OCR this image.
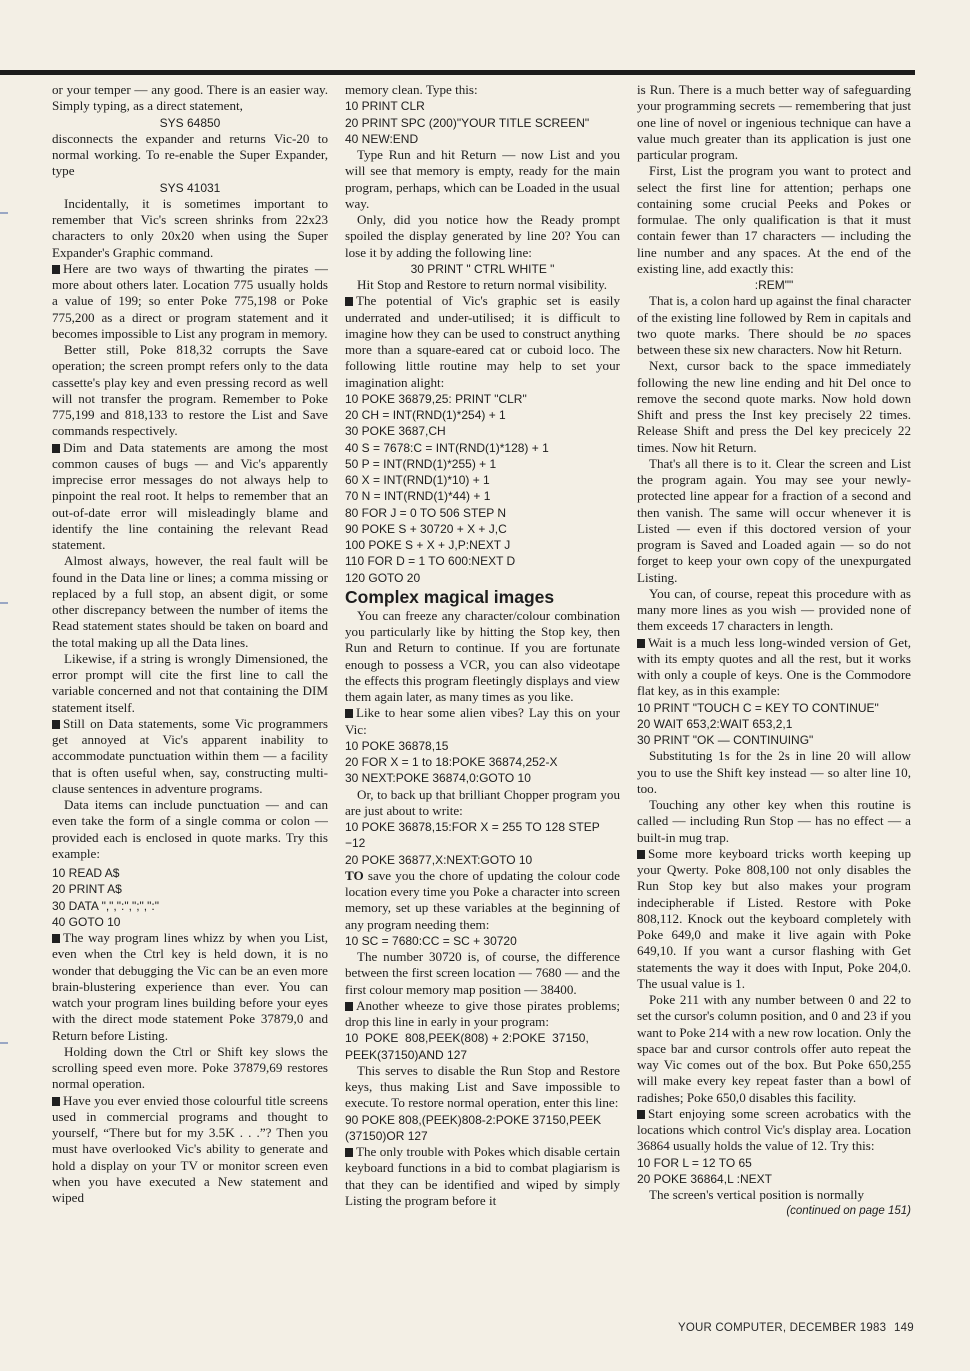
or your temper — any good. There is an easier way. Simply typing, as a direct statement,

SYS 64850

disconnects the expander and returns Vic-20 to normal working. To re-enable the Super Expander, type

SYS 41031

Incidentally, it is sometimes important to remember that Vic's screen shrinks from 22x23 characters to only 20x20 when using the Super Expander's Graphic command.

Here are two ways of thwarting the pirates — more about others later. Location 775 usually holds a value of 199; so enter Poke 775,198 or Poke 775,200 as a direct or program statement and it becomes impossible to List any program in memory.

Better still, Poke 818,32 corrupts the Save operation; the screen prompt refers only to the data cassette's play key and even pressing record as well will not transfer the program. Remember to Poke 775,199 and 818,133 to restore the List and Save commands respectively.

Dim and Data statements are among the most common causes of bugs — and Vic's apparently imprecise error messages do not always help to pinpoint the real root. It helps to remember that an out-of-date error will misleadingly blame and identify the line containing the relevant Read statement.

Almost always, however, the real fault will be found in the Data line or lines; a comma missing or replaced by a full stop, an absent digit, or some other discrepancy between the number of items the Read statement states should be taken on board and the total making up all the Data lines.

Likewise, if a string is wrongly Dimensioned, the error prompt will cite the first line to call the variable concerned and not that containing the DIM statement itself.

Still on Data statements, some Vic programmers get annoyed at Vic's apparent inability to accommodate punctuation within them — a facility that is often useful when, say, constructing multi-clause sentences in adventure programs.

Data items can include punctuation — and can even take the form of a single comma or colon — provided each is enclosed in quote marks. Try this example:

10 READ A$

20 PRINT A$

30 DATA ",",":",";",":"

40 GOTO 10

The way program lines whizz by when you List, even when the Ctrl key is held down, it is no wonder that debugging the Vic can be an even more brain-blustering experience than ever. You can watch your program lines building before your eyes with the direct mode statement Poke 37879,0 and Return before Listing.

Holding down the Ctrl or Shift key slows the scrolling speed even more. Poke 37879,69 restores normal operation.

Have you ever envied those colourful title screens used in commercial programs and thought to yourself, “There but for my 3.5K . . .”? Then you must have overlooked Vic's ability to generate and hold a display on your TV or monitor screen even when you have executed a New statement and wiped

memory clean. Type this:

10 PRINT CLR

20 PRINT SPC (200)"YOUR TITLE SCREEN"

40 NEW:END

Type Run and hit Return — now List and you will see that memory is empty, ready for the main program, perhaps, which can be Loaded in the usual way.

Only, did you notice how the Ready prompt spoiled the display generated by line 20? You can lose it by adding the following line:

30 PRINT " CTRL WHITE "

Hit Stop and Restore to return normal visibility.

The potential of Vic's graphic set is easily underrated and under-utilised; it is difficult to imagine how they can be used to construct anything more than a square-eared cat or cuboid loco. The following little routine may help to set your imagination alight:

10 POKE 36879,25: PRINT "CLR"

20 CH = INT(RND(1)*254) + 1

30 POKE 3687,CH

40 S = 7678:C = INT(RND(1)*128) + 1

50 P = INT(RND(1)*255) + 1

60 X = INT(RND(1)*10) + 1

70 N = INT(RND(1)*44) + 1

80 FOR J = 0 TO 506 STEP N

90 POKE S + 30720 + X + J,C

100 POKE S + X + J,P:NEXT J

110 FOR D = 1 TO 600:NEXT D

120 GOTO 20

Complex magical images

You can freeze any character/colour combination you particularly like by hitting the Stop key, then Run and Return to continue. If you are fortunate enough to possess a VCR, you can also videotape the effects this program fleetingly displays and view them again later, as many times as you like.

Like to hear some alien vibes? Lay this on your Vic:

10 POKE 36878,15

20 FOR X = 1 to 18:POKE 36874,252-X

30 NEXT:POKE 36874,0:GOTO 10

Or, to back up that brilliant Chopper program you are just about to write:

10 POKE 36878,15:FOR X = 255 TO 128 STEP

−12

20 POKE 36877,X:NEXT:GOTO 10

TO save you the chore of updating the colour code location every time you Poke a character into screen memory, set up these variables at the beginning of any program needing them:

10 SC = 7680:CC = SC + 30720

The number 30720 is, of course, the difference between the first screen location — 7680 — and the first colour memory map position — 38400.

Another wheeze to give those pirates problems; drop this line in early in your program:

10  POKE  808,PEEK(808) + 2:POKE  37150,

PEEK(37150)AND 127

This serves to disable the Run Stop and Restore keys, thus making List and Save impossible to execute. To restore normal operation, enter this line:

90 POKE 808,(PEEK)808-2:POKE 37150,PEEK

(37150)OR 127

The only trouble with Pokes which disable certain keyboard functions in a bid to combat plagiarism is that they can be identified and wiped by simply Listing the program before it

is Run. There is a much better way of safeguarding your programming secrets — remembering that just one line of novel or ingenious technique can have a value much greater than its application is just one particular program.

First, List the program you want to protect and select the first line for attention; perhaps one containing some crucial Peeks and Pokes or formulae. The only qualification is that it must contain fewer than 17 characters — including the line number and any spaces. At the end of the existing line, add exactly this:

:REM""

That is, a colon hard up against the final character of the existing line followed by Rem in capitals and two quote marks. There should be no spaces between these six new characters. Now hit Return.

Next, cursor back to the space immediately following the new line ending and hit Del once to remove the second quote marks. Now hold down Shift and press the Inst key precisely 22 times. Release Shift and press the Del key precicely 22 times. Now hit Return.

That's all there is to it. Clear the screen and List the program again. You may see your newly-protected line appear for a fraction of a second and then vanish. The same will occur whenever it is Listed — even if this doctored version of your program is Saved and Loaded again — so do not forget to keep your own copy of the unexpurgated Listing.

You can, of course, repeat this procedure with as many more lines as you wish — provided none of them exceeds 17 characters in length.

Wait is a much less long-winded version of Get, with its empty quotes and all the rest, but it works with only a couple of keys. One is the Commodore flat key, as in this example:

10 PRINT "TOUCH C = KEY TO CONTINUE"

20 WAIT 653,2:WAIT 653,2,1

30 PRINT "OK — CONTINUING"

Substituting 1s for the 2s in line 20 will allow you to use the Shift key instead — so alter line 10, too.

Touching any other key when this routine is called — including Run Stop — has no effect — a built-in mug trap.

Some more keyboard tricks worth keeping up your Qwerty. Poke 808,100 not only disables the Run Stop key but also makes your program indecipherable if Listed. Restore with Poke 808,112. Knock out the keyboard completely with Poke 649,0 and make it live again with Poke 649,10. If you want a cursor flashing with Get statements the way it does with Input, Poke 204,0. The usual value is 1.

Poke 211 with any number between 0 and 22 to set the cursor's column position, and 0 and 23 if you want to Poke 214 with a new row location. Only the space bar and cursor controls offer auto repeat the way Vic comes out of the box. But Poke 650,255 will make every key repeat faster than a bowl of radishes; Poke 650,0 disables this facility.

Start enjoying some screen acrobatics with the locations which control Vic's display area. Location 36864 usually holds the value of 12. Try this:

10 FOR L = 12 TO 65

20 POKE 36864,L :NEXT

The screen's vertical position is normally

(continued on page 151)

YOUR COMPUTER, DECEMBER 1983 149
